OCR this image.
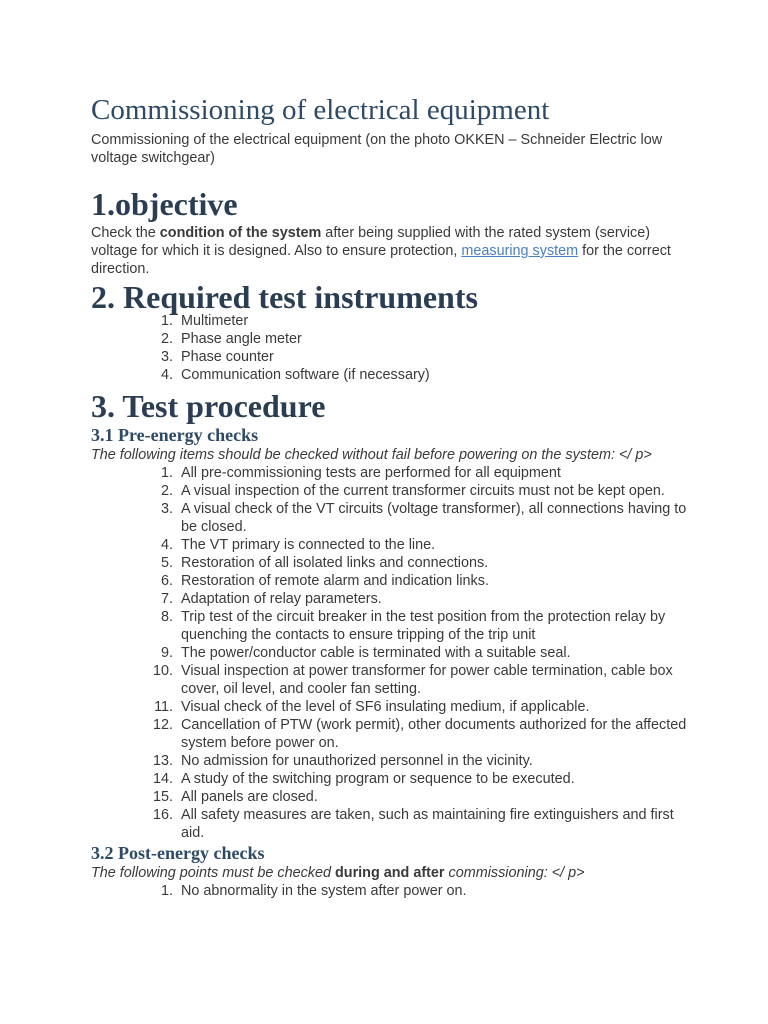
Commissioning of electrical equipment

Commissioning of the electrical equipment (on the photo OKKEN – Schneider Electric low voltage switchgear)

1.objective

Check the condition of the system after being supplied with the rated system (service) voltage for which it is designed. Also to ensure protection, measuring system for the correct direction.

2. Required test instruments
1. Multimeter
2. Phase angle meter
3. Phase counter
4. Communication software (if necessary)
3. Test procedure
3.1 Pre-energy checks

The following items should be checked without fail before powering on the system: </ p>

1. All pre-commissioning tests are performed for all equipment
2. A visual inspection of the current transformer circuits must not be kept open.
3. A visual check of the VT circuits (voltage transformer), all connections having to be closed.
4. The VT primary is connected to the line.
5. Restoration of all isolated links and connections.
6. Restoration of remote alarm and indication links.
7. Adaptation of relay parameters.
8. Trip test of the circuit breaker in the test position from the protection relay by quenching the contacts to ensure tripping of the trip unit
9. The power/conductor cable is terminated with a suitable seal.
10. Visual inspection at power transformer for power cable termination, cable box cover, oil level, and cooler fan setting.
11. Visual check of the level of SF6 insulating medium, if applicable.
12. Cancellation of PTW (work permit), other documents authorized for the affected system before power on.
13. No admission for unauthorized personnel in the vicinity.
14. A study of the switching program or sequence to be executed.
15. All panels are closed.
16. All safety measures are taken, such as maintaining fire extinguishers and first aid.
3.2 Post-energy checks

The following points must be checked during and after commissioning: </ p>

1. No abnormality in the system after power on.
